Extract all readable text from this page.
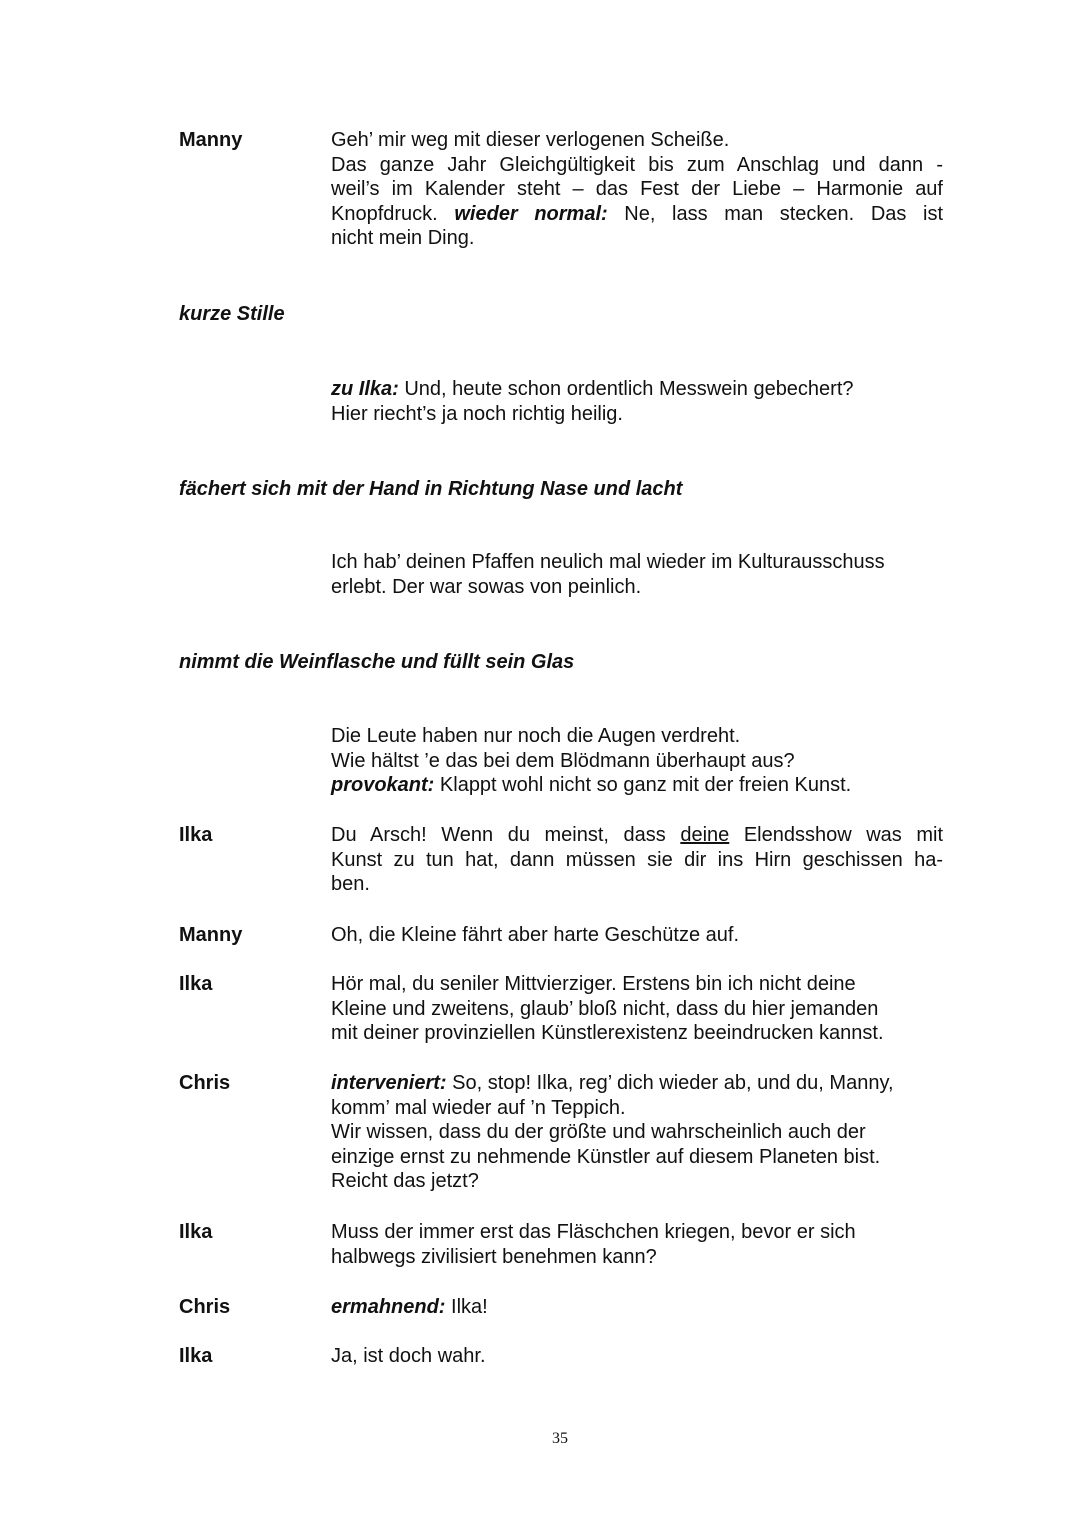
Manny	Geh’ mir weg mit dieser verlogenen Scheiße.
Das ganze Jahr Gleichgültigkeit bis zum Anschlag und dann -
weil’s im Kalender steht – das Fest der Liebe – Harmonie auf
Knopfdruck. wieder normal: Ne, lass man stecken. Das ist
nicht mein Ding.
kurze Stille
zu Ilka: Und, heute schon ordentlich Messwein gebechert?
Hier riecht’s ja noch richtig heilig.
fächert sich mit der Hand in Richtung Nase und lacht
Ich hab’ deinen Pfaffen neulich mal wieder im Kulturausschuss
erlebt. Der war sowas von peinlich.
nimmt die Weinflasche und füllt sein Glas
Die Leute haben nur noch die Augen verdreht.
Wie hältst ’e das bei dem Blödmann überhaupt aus?
provokant: Klappt wohl nicht so ganz mit der freien Kunst.
Ilka	Du Arsch! Wenn du meinst, dass deine Elendsshow was mit
Kunst zu tun hat, dann müssen sie dir ins Hirn geschissen ha-
ben.
Manny	Oh, die Kleine fährt aber harte Geschütze auf.
Ilka	Hör mal, du seniler Mittvierziger. Erstens bin ich nicht deine
Kleine und zweitens, glaub’ bloß nicht, dass du hier jemanden
mit deiner provinziellen Künstlerexistenz beeindrucken kannst.
Chris	interveniert: So, stop! Ilka, reg’ dich wieder ab, und du, Manny,
komm’ mal wieder auf ’n Teppich.
Wir wissen, dass du der größte und wahrscheinlich auch der
einzige ernst zu nehmende Künstler auf diesem Planeten bist.
Reicht das jetzt?
Ilka	Muss der immer erst das Fläschchen kriegen, bevor er sich
halbwegs zivilisiert benehmen kann?
Chris	ermahnend: Ilka!
Ilka	Ja, ist doch wahr.
35
